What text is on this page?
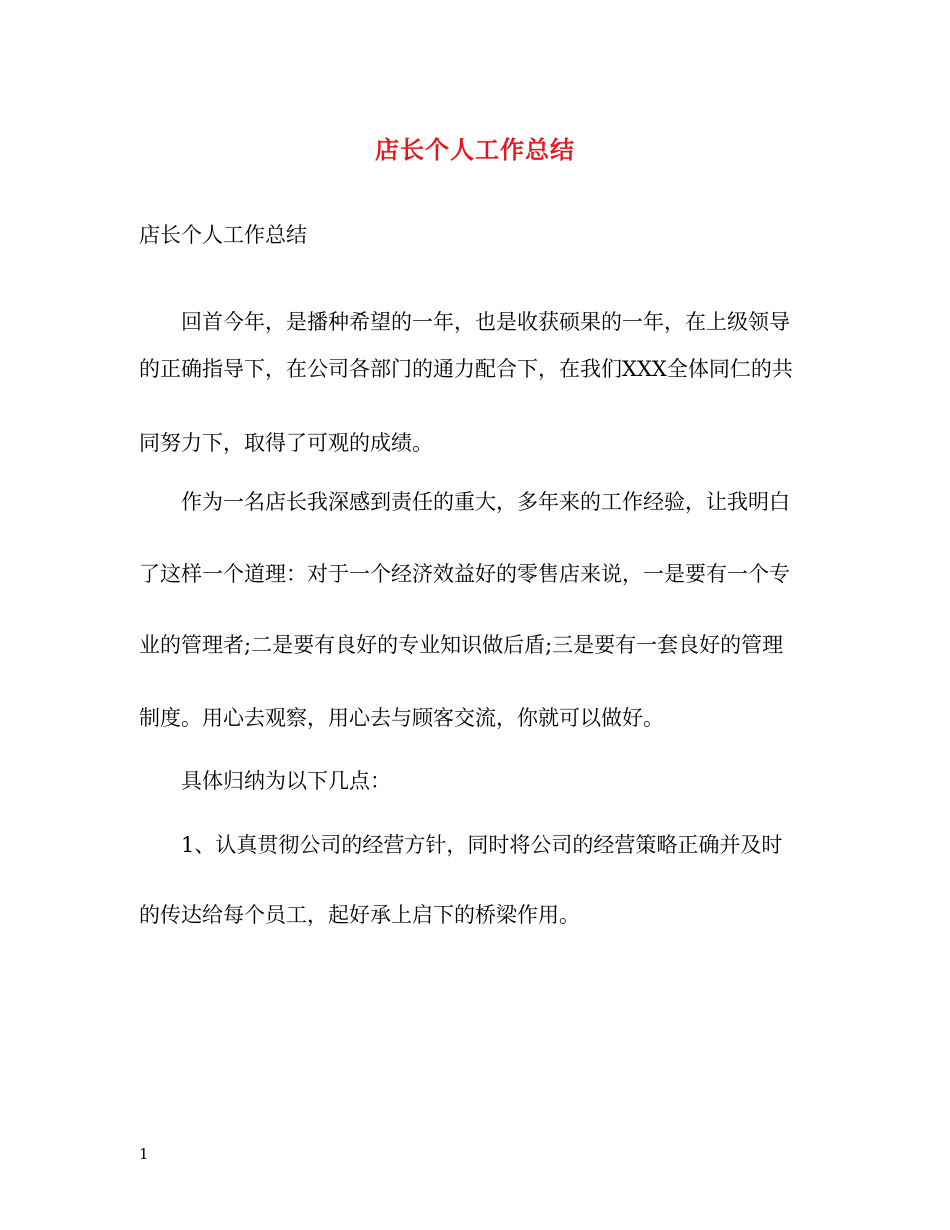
店长个人工作总结
店长个人工作总结
回首今年，是播种希望的一年，也是收获硕果的一年，在上级领导
的正确指导下，在公司各部门的通力配合下，在我们XXX全体同仁的共
同努力下，取得了可观的成绩。
作为一名店长我深感到责任的重大，多年来的工作经验，让我明白
了这样一个道理：对于一个经济效益好的零售店来说，一是要有一个专
业的管理者;二是要有良好的专业知识做后盾;三是要有一套良好的管理
制度。用心去观察，用心去与顾客交流，你就可以做好。
具体归纳为以下几点：
1、认真贯彻公司的经营方针，同时将公司的经营策略正确并及时
的传达给每个员工，起好承上启下的桥梁作用。
1
